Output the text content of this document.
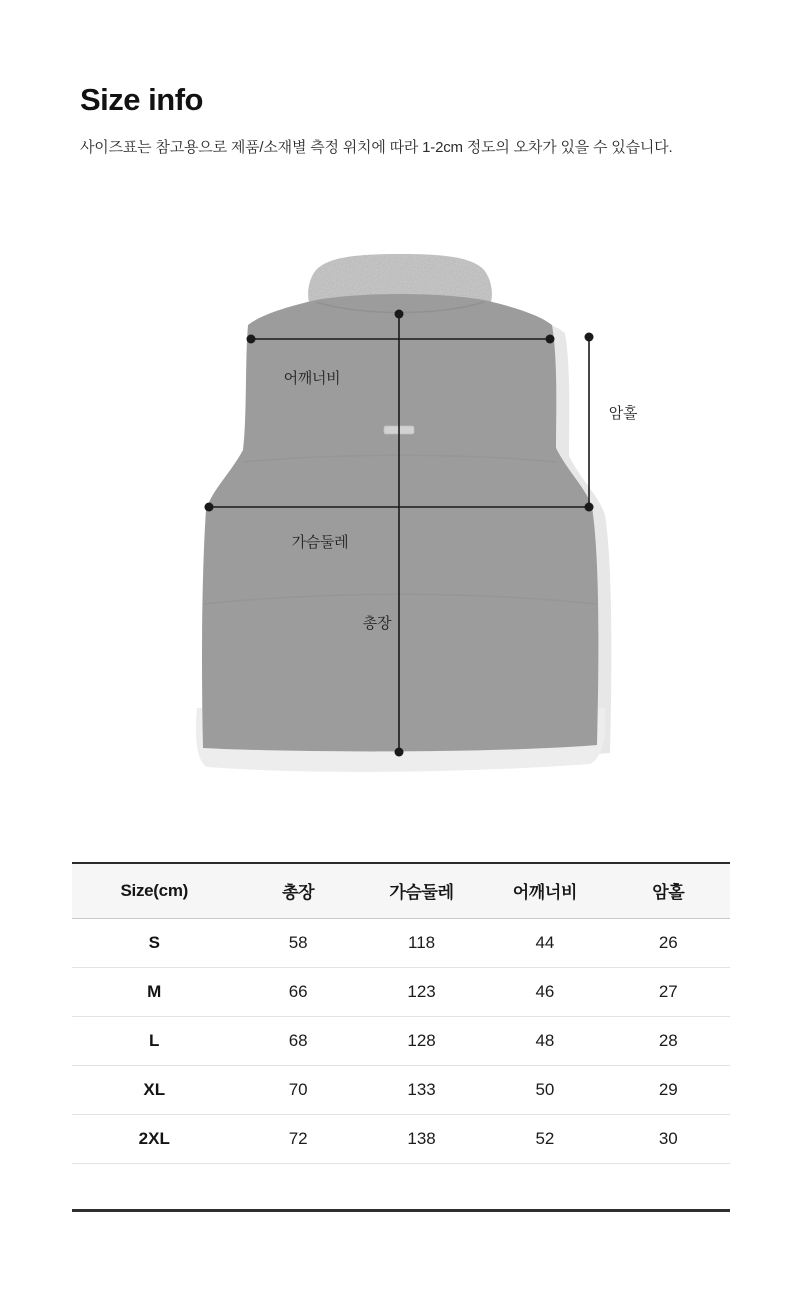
Size info
사이즈표는 참고용으로 제품/소재별 측정 위치에 따라 1-2cm 정도의 오차가 있을 수 있습니다.
어깨너비
가슴둘레
총장
암홀
Size(cm)	총장	가슴둘레	어깨너비	암홀
S	58	118	44	26
M	66	123	46	27
L	68	128	48	28
XL	70	133	50	29
2XL	72	138	52	30
